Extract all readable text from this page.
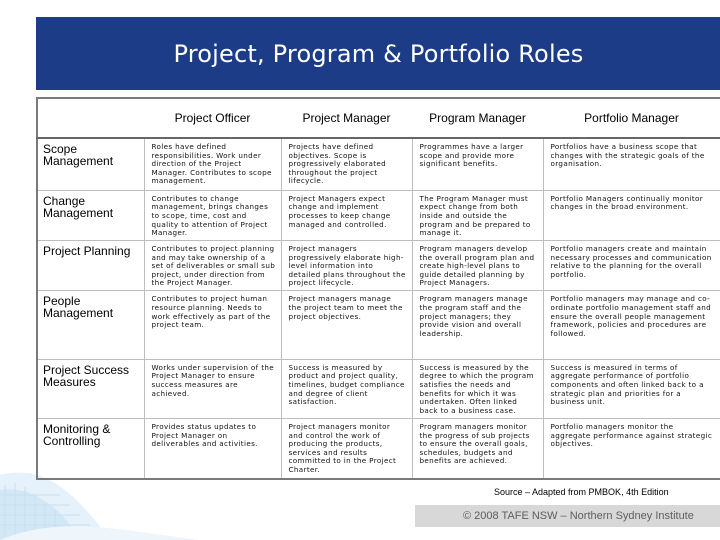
Project, Program & Portfolio Roles
	Project Officer	Project Manager	Program Manager	Portfolio Manager
Scope Management	Roles have defined responsibilities. Work under direction of the Project Manager. Contributes to scope management.	Projects have defined objectives. Scope is progressively elaborated throughout the project lifecycle.	Programmes have a larger scope and provide more significant benefits.	Portfolios have a business scope that changes with the strategic goals of the organisation.
Change Management	Contributes to change management, brings changes to scope, time, cost and quality to attention of Project Manager.	Project Managers expect change and implement processes to keep change managed and controlled.	The Program Manager must expect change from both inside and outside the program and be prepared to manage it.	Portfolio Managers continually monitor changes in the broad environment.
Project Planning	Contributes to project planning and may take ownership of a set of deliverables or small sub project, under direction from the Project Manager.	Project managers progressively elaborate high-level information into detailed plans throughout the project lifecycle.	Program managers develop the overall program plan and create high-level plans to guide detailed planning by Project Managers.	Portfolio managers create and maintain necessary processes and communication relative to the planning for the overall portfolio.
People Management	Contributes to project human resource planning. Needs to work effectively as part of the project team.	Project managers manage the project team to meet the project objectives.	Program managers manage the program staff and the project managers; they provide vision and overall leadership.	Portfolio managers may manage and co-ordinate portfolio management staff and ensure the overall people management framework, policies and procedures are followed.
Project Success Measures	Works under supervision of the Project Manager to ensure success measures are achieved.	Success is measured by product and project quality, timelines, budget compliance and degree of client satisfaction.	Success is measured by the degree to which the program satisfies the needs and benefits for which it was undertaken. Often linked back to a business case.	Success is measured in terms of aggregate performance of portfolio components and often linked back to a strategic plan and priorities for a business unit.
Monitoring & Controlling	Provides status updates to Project Manager on deliverables and activities.	Project managers monitor and control the work of producing the products, services and results committed to in the Project Charter.	Program managers monitor the progress of sub projects to ensure the overall goals, schedules, budgets and benefits are achieved.	Portfolio managers monitor the aggregate performance against strategic objectives.
Source – Adapted from PMBOK, 4th Edition
© 2008 TAFE NSW – Northern Sydney Institute
